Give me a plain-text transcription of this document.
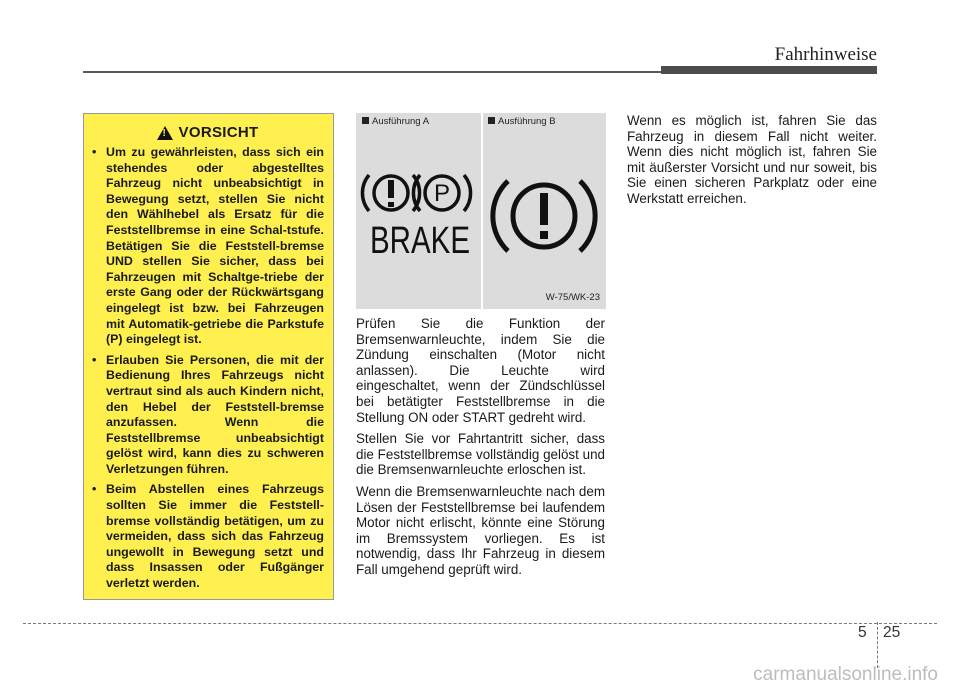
Fahrhinweise
!
VORSICHT
• Um zu gewährleisten, dass sich ein stehendes oder abgestelltes Fahrzeug nicht unbeabsichtigt in Bewegung setzt, stellen Sie nicht den Wählhebel als Ersatz für die Feststellbremse in eine Schal-tstufe. Betätigen Sie die Feststell-bremse UND stellen Sie sicher, dass bei Fahrzeugen mit Schaltge-triebe der erste Gang oder der Rückwärtsgang eingelegt ist bzw. bei Fahrzeugen mit Automatik-getriebe die Parkstufe (P) eingelegt ist.
• Erlauben Sie Personen, die mit der Bedienung Ihres Fahrzeugs nicht vertraut sind als auch Kindern nicht, den Hebel der Feststell-bremse anzufassen. Wenn die Feststellbremse unbeabsichtigt gelöst wird, kann dies zu schweren Verletzungen führen.
• Beim Abstellen eines Fahrzeugs sollten Sie immer die Feststell-bremse vollständig betätigen, um zu vermeiden, dass sich das Fahrzeug ungewollt in Bewegung setzt und dass Insassen oder Fußgänger verletzt werden.
Ausführung A	Ausführung B
P
BRAKE
W-75/WK-23

Prüfen Sie die Funktion der Bremsenwarnleuchte, indem Sie die Zündung einschalten (Motor nicht anlassen). Die Leuchte wird eingeschaltet, wenn der Zündschlüssel bei betätigter Feststellbremse in die Stellung ON oder START gedreht wird.

Stellen Sie vor Fahrtantritt sicher, dass die Feststellbremse vollständig gelöst und die Bremsenwarnleuchte erloschen ist.

Wenn die Bremsenwarnleuchte nach dem Lösen der Feststellbremse bei laufendem Motor nicht erlischt, könnte eine Störung im Bremssystem vorliegen. Es ist notwendig, dass Ihr Fahrzeug in diesem Fall umgehend geprüft wird.

Wenn es möglich ist, fahren Sie das Fahrzeug in diesem Fall nicht weiter. Wenn dies nicht möglich ist, fahren Sie mit äußerster Vorsicht und nur soweit, bis Sie einen sicheren Parkplatz oder eine Werkstatt erreichen.

5 25
carmanualsonline.info
